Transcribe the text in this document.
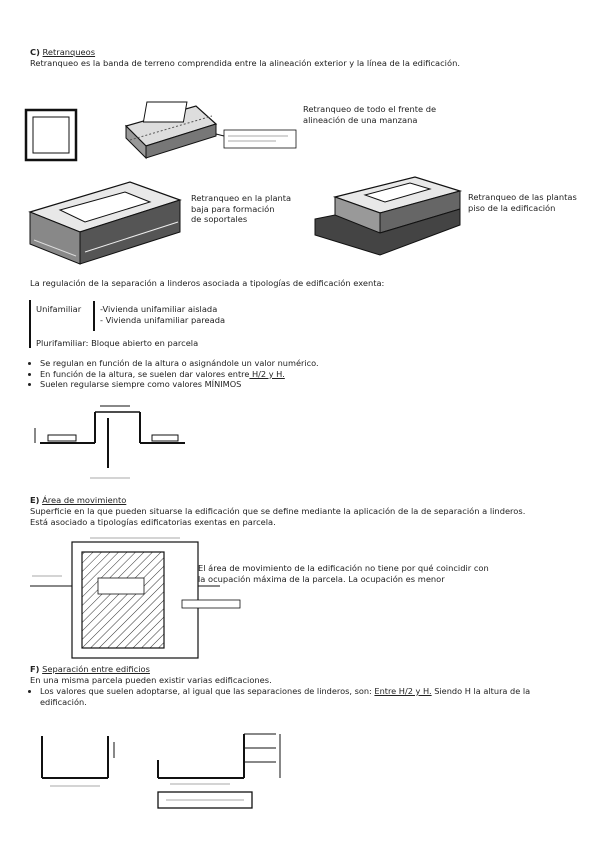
C) Retranqueos
Retranqueo es la banda de terreno comprendida entre la alineación exterior y la línea de la edificación.
Retranqueo de todo el frente de
alineación de una manzana
Retranqueo en la planta
baja para formación
de soportales
Retranqueo de las plantas
piso de la edificación
La regulación de la separación a linderos asociada a tipologías de edificación exenta:
Unifamiliar -Vivienda unifamiliar aislada
- Vivienda unifamiliar pareada
Plurifamiliar: Bloque abierto en parcela
• Se regulan en función de la altura o asignándole un valor numérico.
• En función de la altura, se suelen dar valores entre H/2 y H.
• Suelen regularse siempre como valores MÍNIMOS
E) Área de movimiento
Superficie en la que pueden situarse la edificación que se define mediante la aplicación de la de separación a linderos.
Está asociado a tipologías edificatorias exentas en parcela.
El área de movimiento de la edificación no tiene por qué coincidir con
la ocupación máxima de la parcela. La ocupación es menor
F) Separación entre edificios
En una misma parcela pueden existir varias edificaciones.
• Los valores que suelen adoptarse, al igual que las separaciones de linderos, son: Entre H/2 y H. Siendo H la altura de la
edificación.
